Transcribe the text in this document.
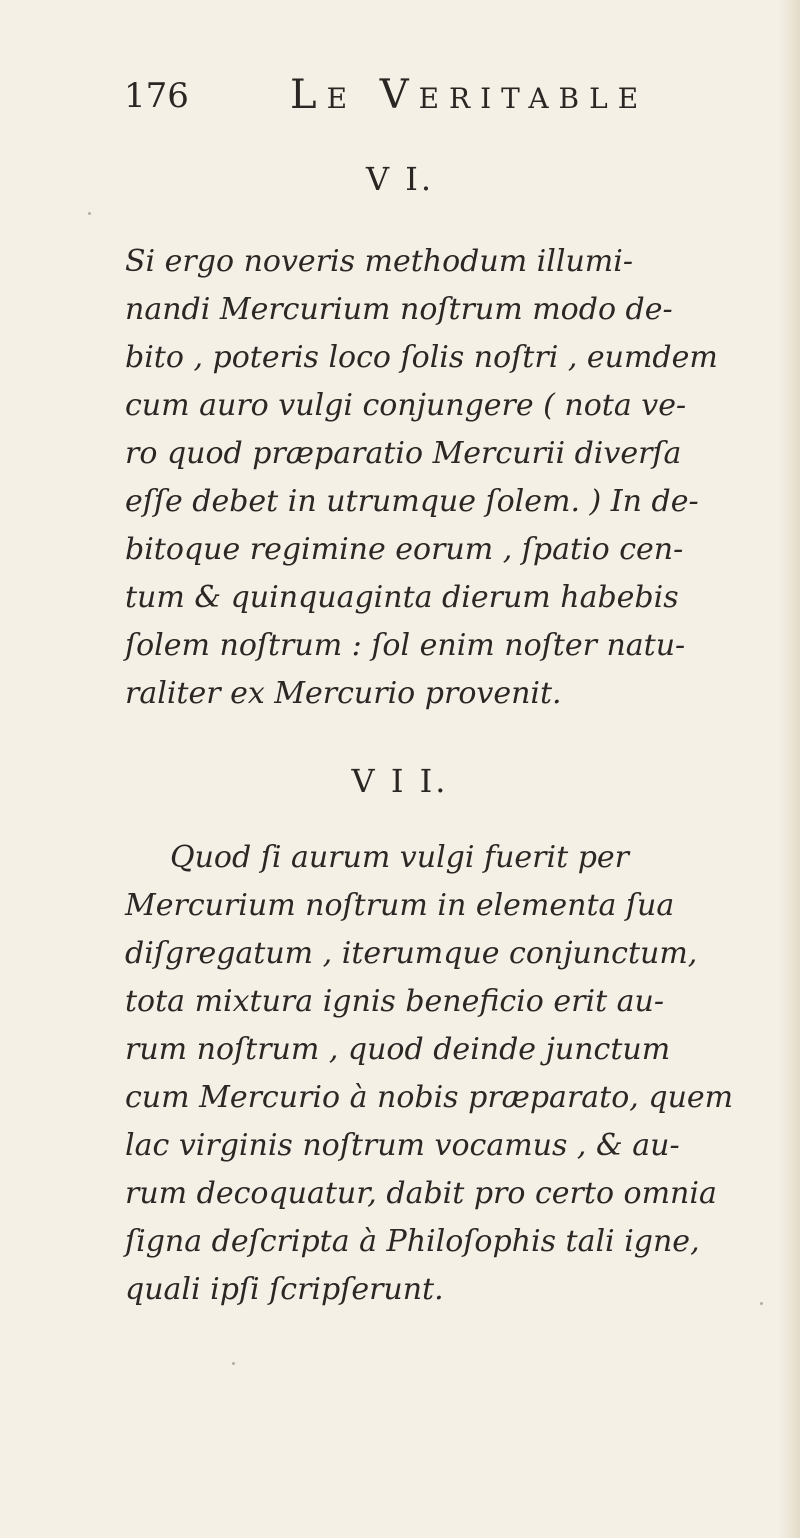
176	Le Veritable
V I.
Si ergo noveris methodum illumi-
nandi Mercurium noſtrum modo de-
bito , poteris loco ſolis noſtri , eumdem
cum auro vulgi conjungere ( nota ve-
ro quod præparatio Mercurii diverſa
eſſe debet in utrumque ſolem. ) In de-
bitoque regimine eorum , ſpatio cen-
tum & quinquaginta dierum habebis
ſolem noſtrum : ſol enim noſter natu-
raliter ex Mercurio provenit.
V I I.
Quod ſi aurum vulgi fuerit per
Mercurium noſtrum in elementa ſua
diſgregatum , iterumque conjunctum,
tota mixtura ignis beneficio erit au-
rum noſtrum , quod deinde junctum
cum Mercurio à nobis præparato, quem
lac virginis noſtrum vocamus , & au-
rum decoquatur, dabit pro certo omnia
ſigna deſcripta à Philoſophis tali igne,
quali ipſi ſcripſerunt.
